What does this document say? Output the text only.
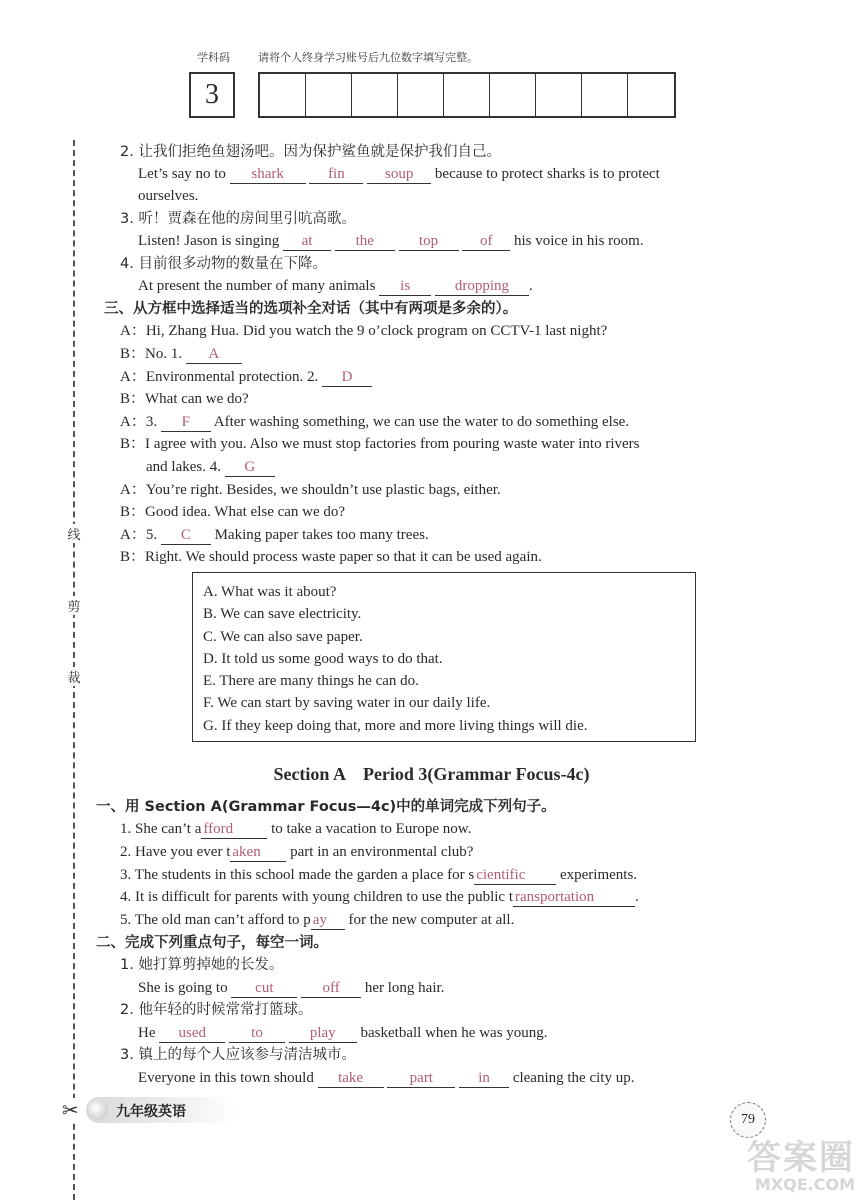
学科码	请将个人终身学习账号后九位数字填写完整。
3
线
剪
裁
✂
2. 让我们拒绝鱼翅汤吧。因为保护鲨鱼就是保护我们自己。
Let’s say no to shark	fin	soup because to protect sharks is to protect
ourselves.
3. 听！贾森在他的房间里引吭高歌。
Listen! Jason is singing at	the	top	of his voice in his room.
4. 目前很多动物的数量在下降。
At present the number of many animals is	dropping .
三、从方框中选择适当的选项补全对话（其中有两项是多余的）。
A：Hi, Zhang Hua. Did you watch the 9 o’clock program on CCTV-1 last night?
B：No. 1. A
A：Environmental protection. 2. D
B：What can we do?
A：3. F After washing something, we can use the water to do something else.
B：I agree with you. Also we must stop factories from pouring waste water into rivers
and lakes. 4. G
A：You’re right. Besides, we shouldn’t use plastic bags, either.
B：Good idea. What else can we do?
A：5. C Making paper takes too many trees.
B：Right. We should process waste paper so that it can be used again.
A. What was it about?
B. We can save electricity.
C. We can also save paper.
D. It told us some good ways to do that.
E. There are many things he can do.
F. We can start by saving water in our daily life.
G. If they keep doing that, more and more living things will die.
Section A　Period 3(Grammar Focus-4c)
一、用 Section A(Grammar Focus—4c)中的单词完成下列句子。
1. She can’t a fford	to take a vacation to Europe now.
2. Have you ever t aken part in an environmental club?
3. The students in this school made the garden a place for s cientific experiments.
4. It is difficult for parents with young children to use the public t ransportation	.
5. The old man can’t afford to p ay for the new computer at all.
二、完成下列重点句子，每空一词。
1. 她打算剪掉她的长发。
She is going to cut	off her long hair.
2. 他年轻的时候常常打篮球。
He used	to	play basketball when he was young.
3. 镇上的每个人应该参与清洁城市。
Everyone in this town should take	part	in cleaning the city up.
九年级英语	79
答案圈
MXQE.COM
